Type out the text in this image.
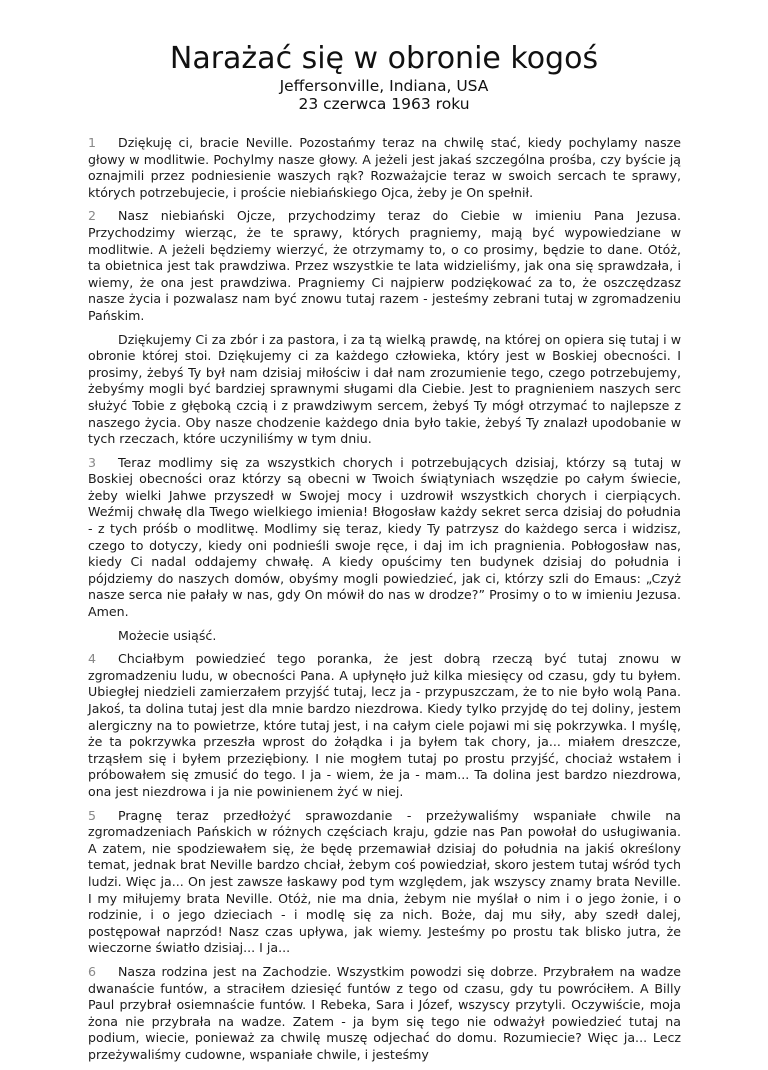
Narażać się w obronie kogoś
Jeffersonville, Indiana, USA
23 czerwca 1963 roku

1 Dziękuję ci, bracie Neville. Pozostańmy teraz na chwilę stać, kiedy pochylamy nasze głowy w modlitwie. Pochylmy nasze głowy. A jeżeli jest jakaś szczególna prośba, czy byście ją oznajmili przez podniesienie waszych rąk? Rozważajcie teraz w swoich sercach te sprawy, których potrzebujecie, i proście niebiańskiego Ojca, żeby je On spełnił.

2 Nasz niebiański Ojcze, przychodzimy teraz do Ciebie w imieniu Pana Jezusa. Przychodzimy wierząc, że te sprawy, których pragniemy, mają być wypowiedziane w modlitwie. A jeżeli będziemy wierzyć, że otrzymamy to, o co prosimy, będzie to dane. Otóż, ta obietnica jest tak prawdziwa. Przez wszystkie te lata widzieliśmy, jak ona się sprawdzała, i wiemy, że ona jest prawdziwa. Pragniemy Ci najpierw podziękować za to, że oszczędzasz nasze życia i pozwalasz nam być znowu tutaj razem - jesteśmy zebrani tutaj w zgromadzeniu Pańskim.

Dziękujemy Ci za zbór i za pastora, i za tą wielką prawdę, na której on opiera się tutaj i w obronie której stoi. Dziękujemy ci za każdego człowieka, który jest w Boskiej obecności. I prosimy, żebyś Ty był nam dzisiaj miłościw i dał nam zrozumienie tego, czego potrzebujemy, żebyśmy mogli być bardziej sprawnymi sługami dla Ciebie. Jest to pragnieniem naszych serc służyć Tobie z głęboką czcią i z prawdziwym sercem, żebyś Ty mógł otrzymać to najlepsze z naszego życia. Oby nasze chodzenie każdego dnia było takie, żebyś Ty znalazł upodobanie w tych rzeczach, które uczyniliśmy w tym dniu.

3 Teraz modlimy się za wszystkich chorych i potrzebujących dzisiaj, którzy są tutaj w Boskiej obecności oraz którzy są obecni w Twoich świątyniach wszędzie po całym świecie, żeby wielki Jahwe przyszedł w Swojej mocy i uzdrowił wszystkich chorych i cierpiących. Weźmij chwałę dla Twego wielkiego imienia! Błogosław każdy sekret serca dzisiaj do południa - z tych próśb o modlitwę. Modlimy się teraz, kiedy Ty patrzysz do każdego serca i widzisz, czego to dotyczy, kiedy oni podnieśli swoje ręce, i daj im ich pragnienia. Pobłogosław nas, kiedy Ci nadal oddajemy chwałę. A kiedy opuścimy ten budynek dzisiaj do południa i pójdziemy do naszych domów, obyśmy mogli powiedzieć, jak ci, którzy szli do Emaus: „Czyż nasze serca nie pałały w nas, gdy On mówił do nas w drodze?” Prosimy o to w imieniu Jezusa. Amen.

Możecie usiąść.

4 Chciałbym powiedzieć tego poranka, że jest dobrą rzeczą być tutaj znowu w zgromadzeniu ludu, w obecności Pana. A upłynęło już kilka miesięcy od czasu, gdy tu byłem. Ubiegłej niedzieli zamierzałem przyjść tutaj, lecz ja - przypuszczam, że to nie było wolą Pana. Jakoś, ta dolina tutaj jest dla mnie bardzo niezdrowa. Kiedy tylko przyjdę do tej doliny, jestem alergiczny na to powietrze, które tutaj jest, i na całym ciele pojawi mi się pokrzywka. I myślę, że ta pokrzywka przeszła wprost do żołądka i ja byłem tak chory, ja... miałem dreszcze, trząsłem się i byłem przeziębiony. I nie mogłem tutaj po prostu przyjść, chociaż wstałem i próbowałem się zmusić do tego. I ja - wiem, że ja - mam... Ta dolina jest bardzo niezdrowa, ona jest niezdrowa i ja nie powinienem żyć w niej.

5 Pragnę teraz przedłożyć sprawozdanie - przeżywaliśmy wspaniałe chwile na zgromadzeniach Pańskich w różnych częściach kraju, gdzie nas Pan powołał do usługiwania. A zatem, nie spodziewałem się, że będę przemawiał dzisiaj do południa na jakiś określony temat, jednak brat Neville bardzo chciał, żebym coś powiedział, skoro jestem tutaj wśród tych ludzi. Więc ja... On jest zawsze łaskawy pod tym względem, jak wszyscy znamy brata Neville. I my miłujemy brata Neville. Otóż, nie ma dnia, żebym nie myślał o nim i o jego żonie, i o rodzinie, i o jego dzieciach - i modlę się za nich. Boże, daj mu siły, aby szedł dalej, postępował naprzód! Nasz czas upływa, jak wiemy. Jesteśmy po prostu tak blisko jutra, że wieczorne światło dzisiaj... I ja...

6 Nasza rodzina jest na Zachodzie. Wszystkim powodzi się dobrze. Przybrałem na wadze dwanaście funtów, a straciłem dziesięć funtów z tego od czasu, gdy tu powróciłem. A Billy Paul przybrał osiemnaście funtów. I Rebeka, Sara i Józef, wszyscy przytyli. Oczywiście, moja żona nie przybrała na wadze. Zatem - ja bym się tego nie odważył powiedzieć tutaj na podium, wiecie, ponieważ za chwilę muszę odjechać do domu. Rozumiecie? Więc ja... Lecz przeżywaliśmy cudowne, wspaniałe chwile, i jesteśmy
